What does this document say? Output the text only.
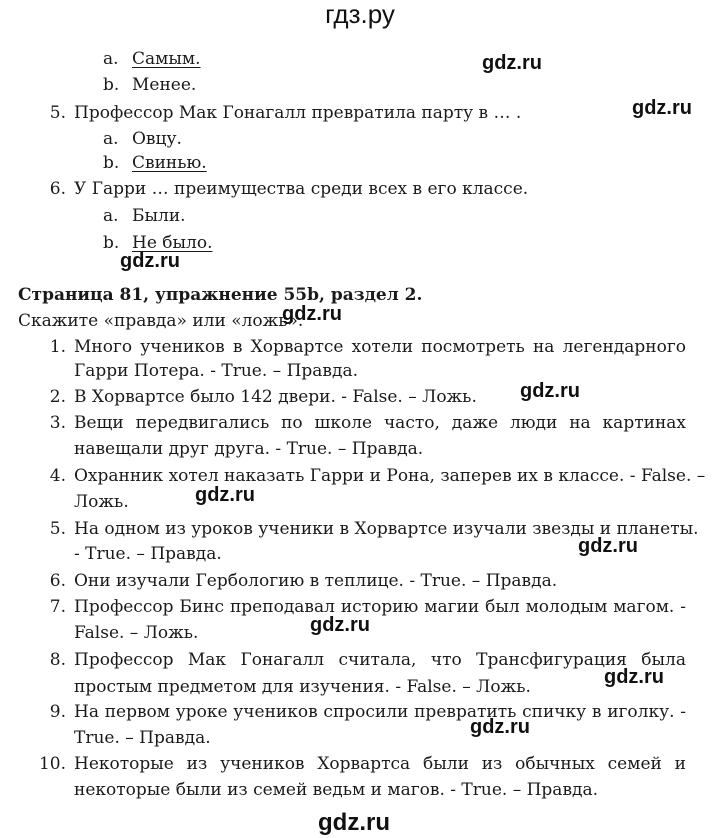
гдз.ру
a. Самым.
b. Менее.
5. Профессор Мак Гонагалл превратила парту в … .
a. Овцу.
b. Свинью.
6. У Гарри … преимущества среди всех в его классе.
a. Были.
b. Не было.
Страница 81, упражнение 55b, раздел 2.
Скажите «правда» или «ложь».
1. Много учеников в Хорвартсе хотели посмотреть на легендарного
Гарри Потера. - True. – Правда.
2. В Хорвартсе было 142 двери. - False. – Ложь.
3. Вещи передвигались по школе часто, даже люди на картинах
навещали друг друга. - True. – Правда.
4. Охранник хотел наказать Гарри и Рона, заперев их в классе. - False. –
Ложь.
5. На одном из уроков ученики в Хорвартсе изучали звезды и планеты.
- True. – Правда.
6. Они изучали Гербологию в теплице. - True. – Правда.
7. Профессор Бинс преподавал историю магии был молодым магом. -
False. – Ложь.
8. Профессор Мак Гонагалл считала, что Трансфигурация была
простым предметом для изучения. - False. – Ложь.
9. На первом уроке учеников спросили превратить спичку в иголку. -
True. – Правда.
10. Некоторые из учеников Хорвартса были из обычных семей и
некоторые были из семей ведьм и магов. - True. – Правда.
gdz.ru
gdz.ru
gdz.ru
gdz.ru
gdz.ru
gdz.ru
gdz.ru
gdz.ru
gdz.ru
gdz.ru
gdz.ru
